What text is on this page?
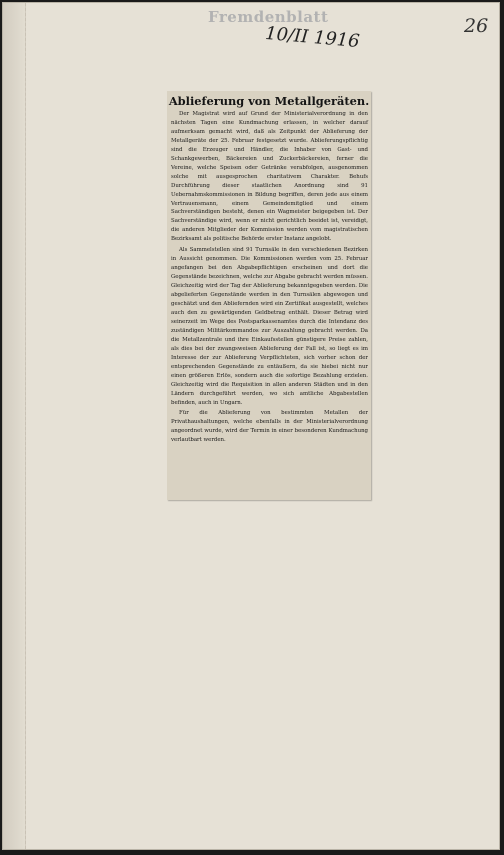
Fremdenblatt
10/II 1916	26
Ablieferung von Metallgeräten.

Der Magistrat wird auf Grund der Ministerialverordnung in den nächsten Tagen eine Kundmachung erlassen, in welcher darauf aufmerksam gemacht wird, daß als Zeitpunkt der Ablieferung der Metallgeräte der 25. Februar festgesetzt wurde. Ablieferungspflichtig sind die Erzeuger und Händler, die Inhaber von Gast- und Schankgewerben, Bäckereien und Zuckerbäckereien, ferner die Vereine, welche Speisen oder Getränke verabfolgen, ausgenommen solche mit ausgesprochen charitativem Charakter. Behufs Durchführung dieser staatlichen Anordnung sind 91 Uebernahmskommissionen in Bildung begriffen, deren jede aus einem Vertrauensmann, einem Gemeindemitglied und einem Sachverständigen besteht, denen ein Wagmeister beigegeben ist. Der Sachverständige wird, wenn er nicht gerichtlich beeidet ist, vereidigt, die anderen Mitglieder der Kommission werden vom magistratischen Bezirksamt als politische Behörde erster Instanz angelobt.

Als Sammelstellen sind 91 Turnsäle in den verschiedenen Bezirken in Aussicht genommen. Die Kommissionen werden vom 25. Februar angefangen bei den Abgabepflichtigen erscheinen und dort die Gegenstände bezeichnen, welche zur Abgabe gebracht werden müssen. Gleichzeitig wird der Tag der Ablieferung bekanntgegeben werden. Die abgelieferten Gegenstände werden in den Turnsälen abgewogen und geschätzt und den Abliefernden wird ein Zertifikat ausgestellt, welches auch den zu gewärtigenden Geldbetrag enthält. Dieser Betrag wird seinerzeit im Wege des Postsparkassenamtes durch die Intendanz des zuständigen Militärkommandos zur Auszahlung gebracht werden. Da die Metallzentrale und ihre Einkaufsstellen günstigere Preise zahlen, als dies bei der zwangsweisen Ablieferung der Fall ist, so liegt es im Interesse der zur Ablieferung Verpflichteten, sich vorher schon der entsprechenden Gegenstände zu entäußern, da sie hiebei nicht nur einen größeren Erlös, sondern auch die sofortige Bezahlung erzielen. Gleichzeitig wird die Requisition in allen anderen Städten und in den Ländern durchgeführt werden, wo sich amtliche Abgabestellen befinden, auch in Ungarn.

Für die Ablieferung von bestimmten Metallen der Privathaushaltungen, welche ebenfalls in der Ministerialverordnung angeordnet wurde, wird der Termin in einer besonderen Kundmachung verlautbart werden.
